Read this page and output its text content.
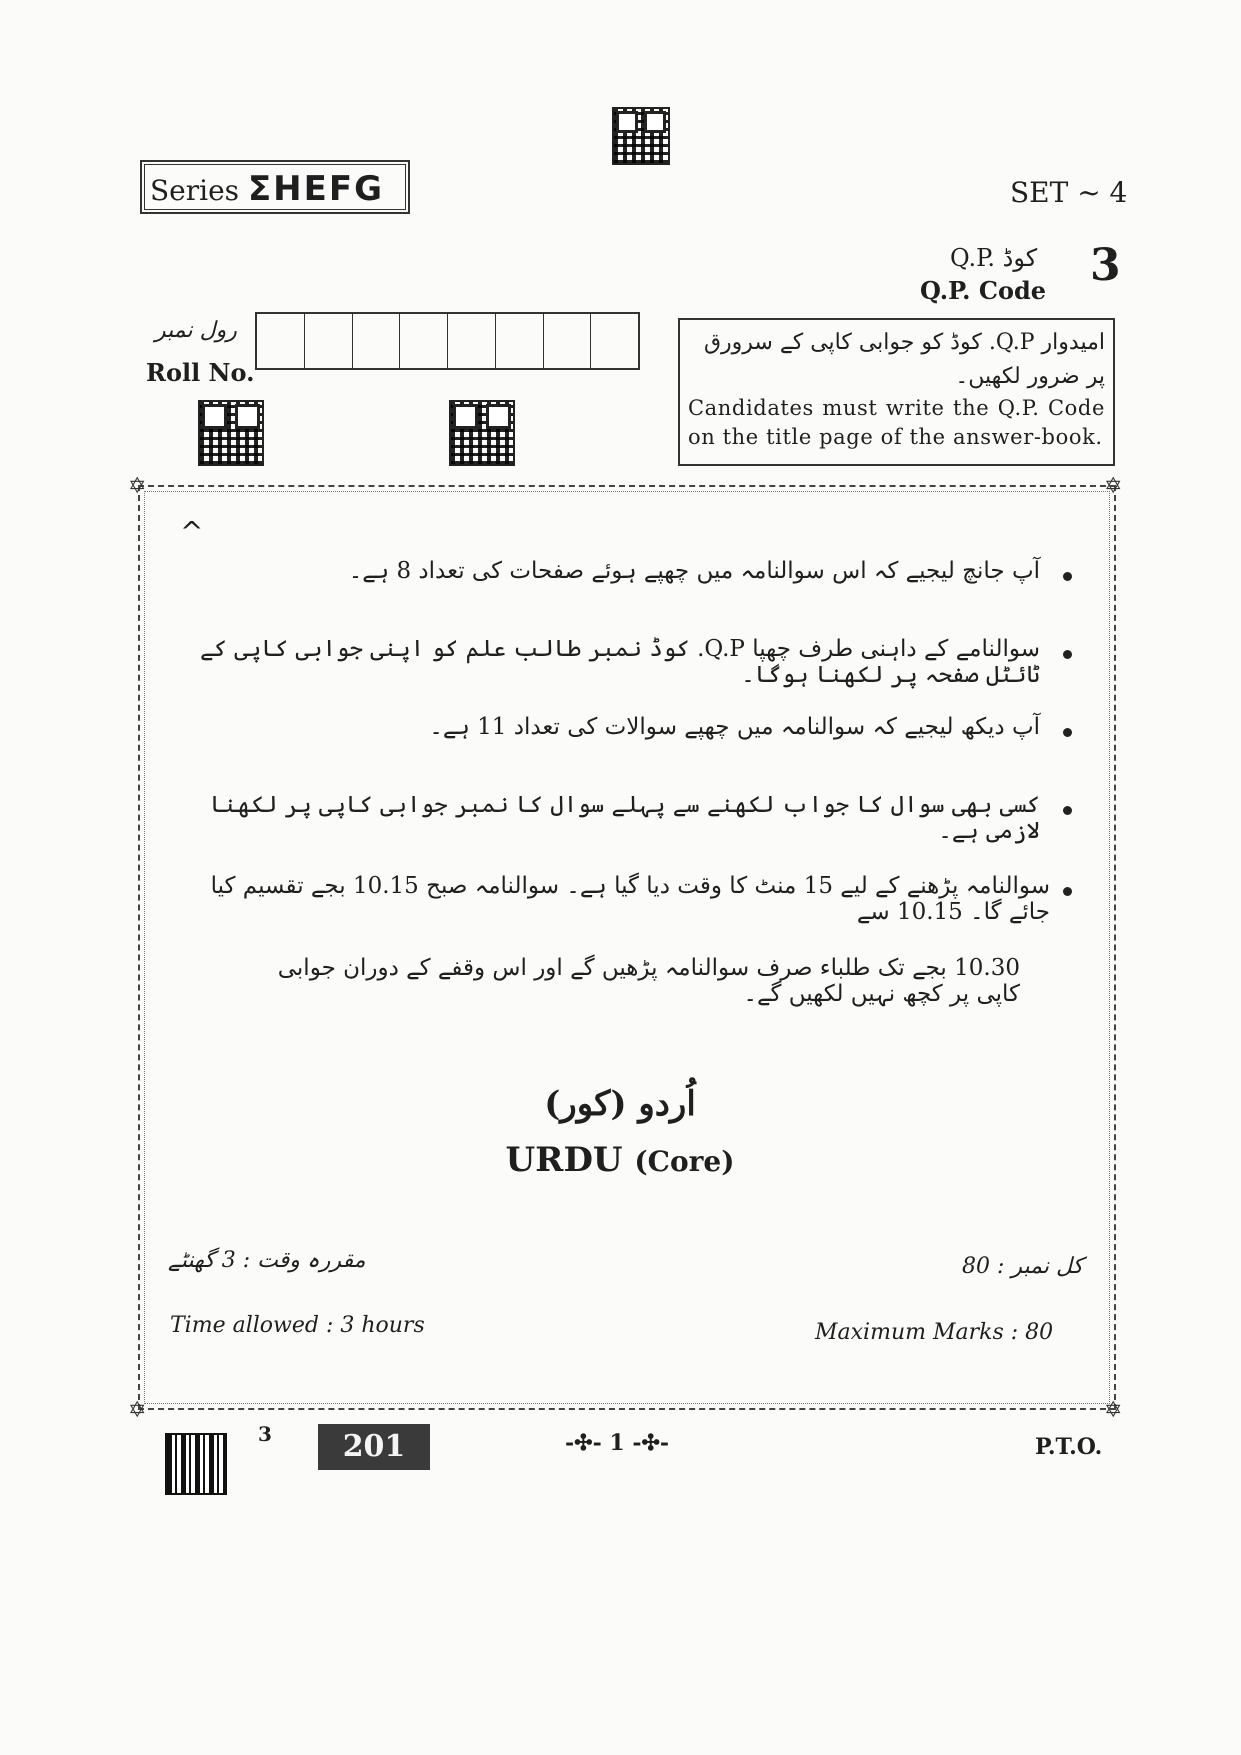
Series ΣHEFG	SET ~ 4
Q.P. کوڈ 3
Q.P. Code
رول نمبر
Roll No.
امیدوار Q.P. کوڈ کو جوابی کاپی کے سرورق پر ضرور لکھیں۔
Candidates must write the Q.P. Code on the title page of the answer-book.
✡	✡
✡	✡
^
آپ جانچ لیجیے کہ اس سوالنامہ میں چھپے ہوئے صفحات کی تعداد 8 ہے۔
سوالنامے کے داہنی طرف چھپا Q.P. کوڈ نمبر طالب علم کو اپنی جوابی کاپی کے ٹائٹل صفحہ پر لکھنا ہوگا۔
آپ دیکھ لیجیے کہ سوالنامہ میں چھپے سوالات کی تعداد 11 ہے۔
کسی بھی سوال کا جواب لکھنے سے پہلے سوال کا نمبر جوابی کاپی پر لکھنا لازمی ہے۔
سوالنامہ پڑھنے کے لیے 15 منٹ کا وقت دیا گیا ہے۔ سوالنامہ صبح 10.15 بجے تقسیم کیا جائے گا۔ 10.15 سے
10.30 بجے تک طلباء صرف سوالنامہ پڑھیں گے اور اس وقفے کے دوران جوابی کاپی پر کچھ نہیں لکھیں گے۔
اُردو (کور)
URDU (Core)
مقررہ وقت : 3 گھنٹے	کل نمبر : 80
Time allowed : 3 hours	Maximum Marks : 80
3	201	-✣- 1 -✣-	P.T.O.
